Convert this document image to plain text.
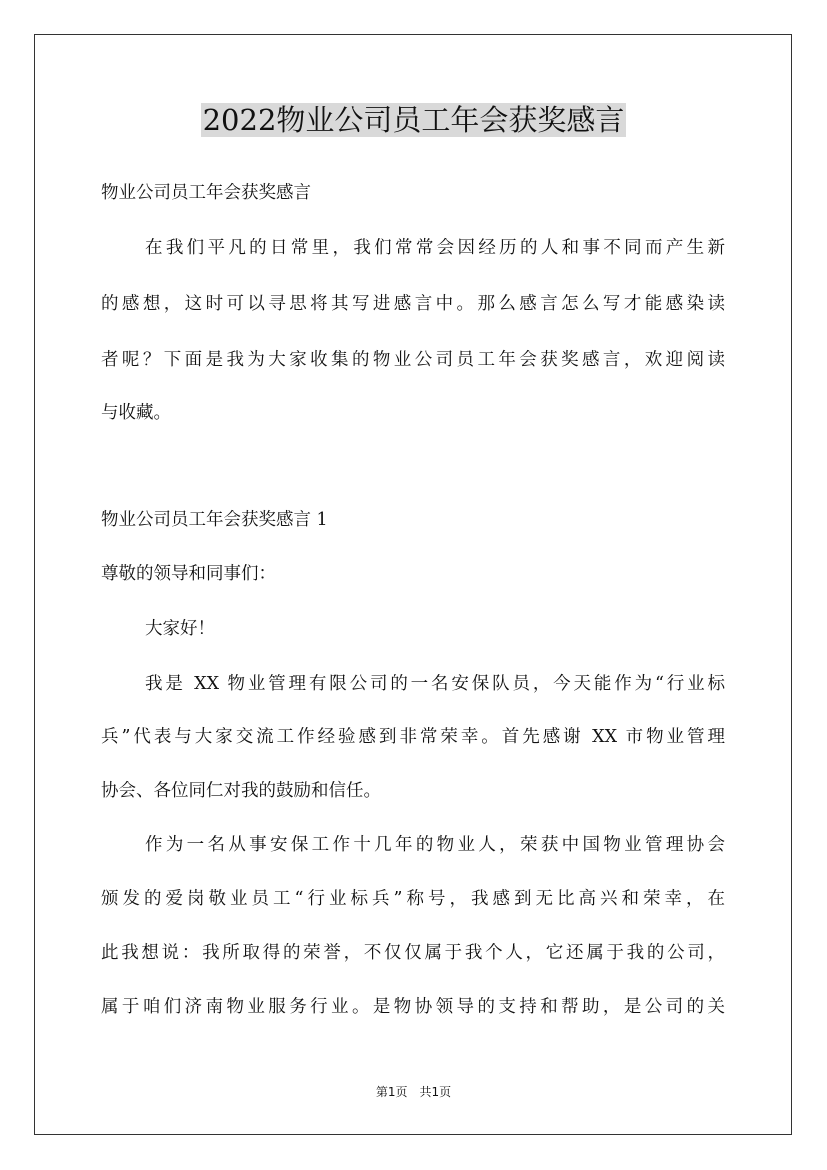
2022物业公司员工年会获奖感言

物业公司员工年会获奖感言

在我们平凡的日常里，我们常常会因经历的人和事不同而产生新

的感想，这时可以寻思将其写进感言中。那么感言怎么写才能感染读

者呢？下面是我为大家收集的物业公司员工年会获奖感言，欢迎阅读

与收藏。

物业公司员工年会获奖感言 1

尊敬的领导和同事们：

大家好！

我是 XX 物业管理有限公司的一名安保队员，今天能作为“行业标

兵”代表与大家交流工作经验感到非常荣幸。首先感谢 XX 市物业管理

协会、各位同仁对我的鼓励和信任。

作为一名从事安保工作十几年的物业人，荣获中国物业管理协会

颁发的爱岗敬业员工“行业标兵”称号，我感到无比高兴和荣幸，在

此我想说：我所取得的荣誉，不仅仅属于我个人，它还属于我的公司，

属于咱们济南物业服务行业。是物协领导的支持和帮助，是公司的关

第1页　共1页
